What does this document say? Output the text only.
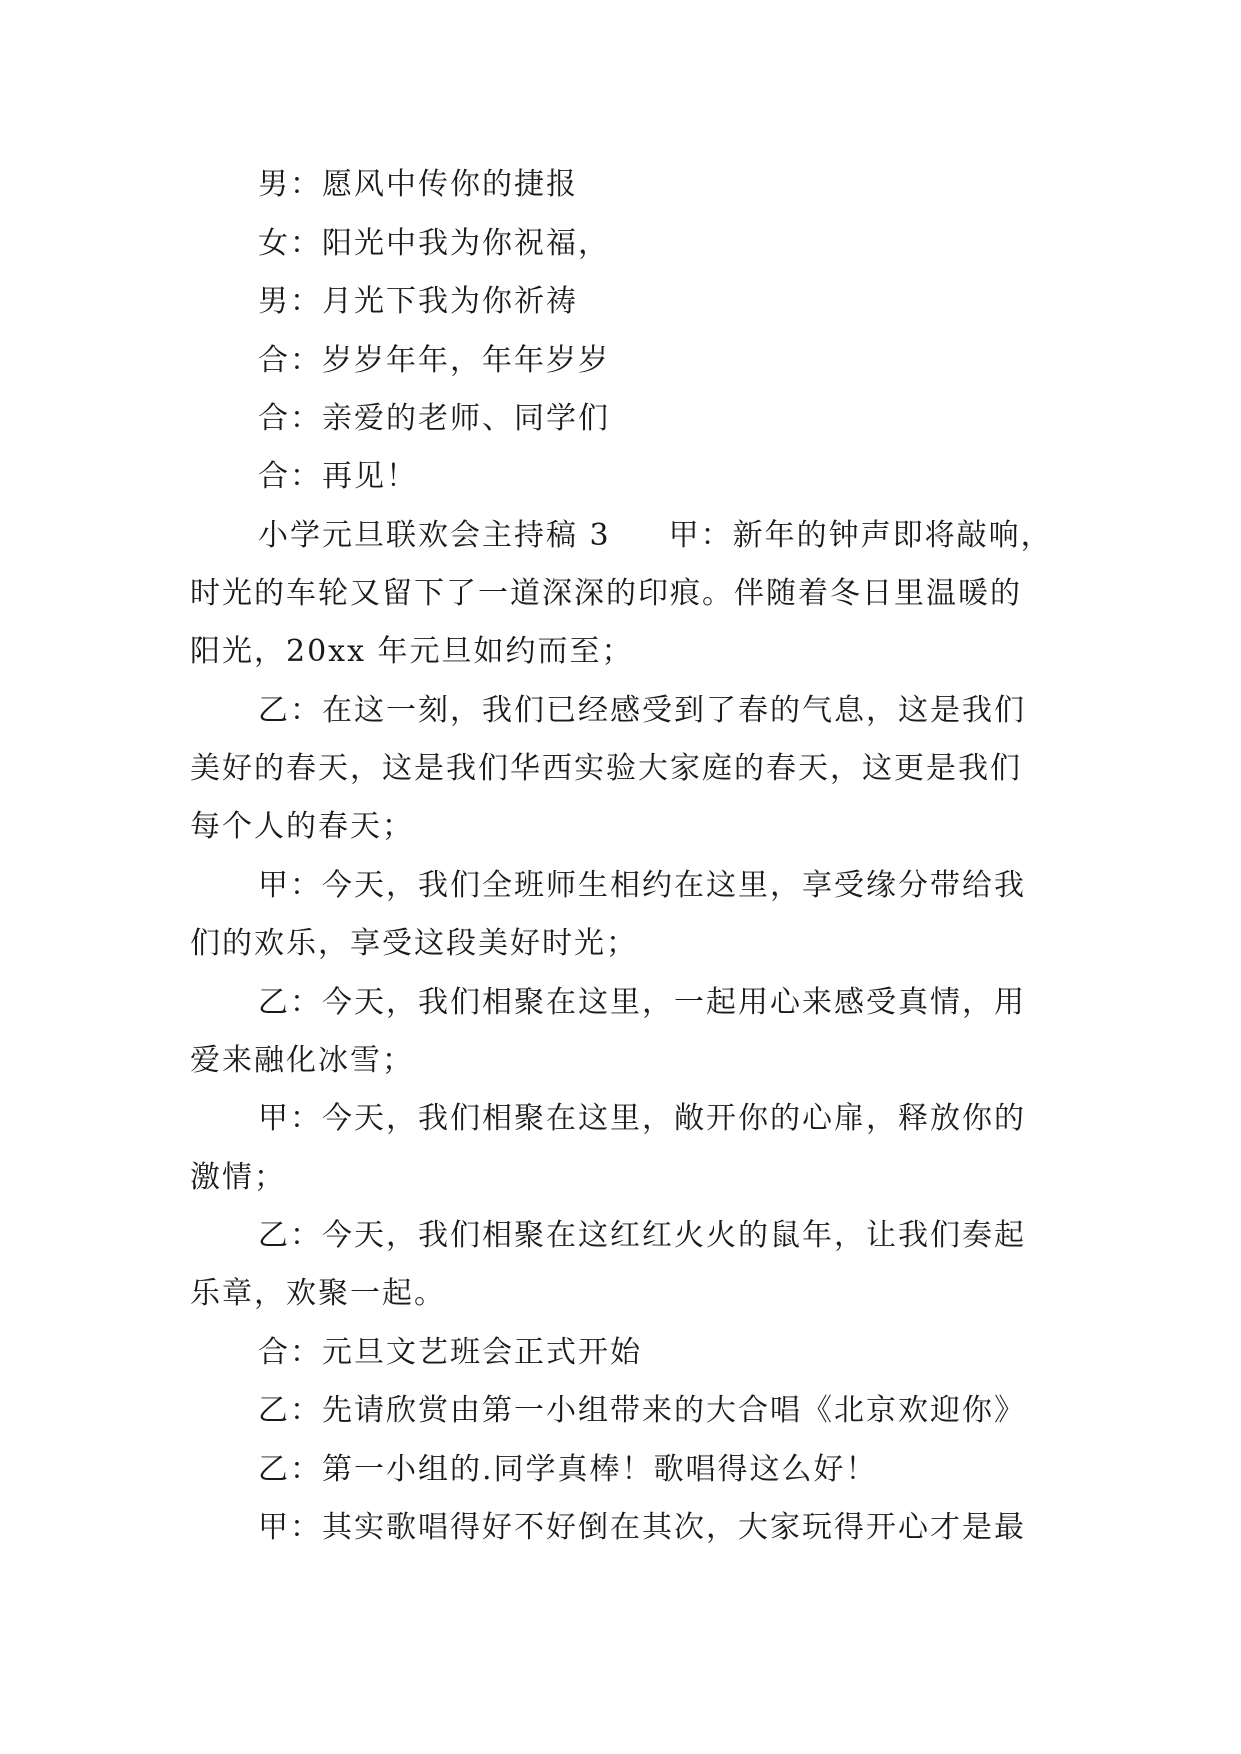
男：愿风中传你的捷报
女：阳光中我为你祝福，
男：月光下我为你祈祷
合：岁岁年年，年年岁岁
合：亲爱的老师、同学们
合：再见！
小学元旦联欢会主持稿 3 甲：新年的钟声即将敲响，
时光的车轮又留下了一道深深的印痕。伴随着冬日里温暖的
阳光，20xx 年元旦如约而至；
乙：在这一刻，我们已经感受到了春的气息，这是我们
美好的春天，这是我们华西实验大家庭的春天，这更是我们
每个人的春天；
甲：今天，我们全班师生相约在这里，享受缘分带给我
们的欢乐，享受这段美好时光；
乙：今天，我们相聚在这里，一起用心来感受真情，用
爱来融化冰雪；
甲：今天，我们相聚在这里，敞开你的心扉，释放你的
激情；
乙：今天，我们相聚在这红红火火的鼠年，让我们奏起
乐章，欢聚一起。
合：元旦文艺班会正式开始
乙：先请欣赏由第一小组带来的大合唱《北京欢迎你》
乙：第一小组的.同学真棒！歌唱得这么好！
甲：其实歌唱得好不好倒在其次，大家玩得开心才是最
